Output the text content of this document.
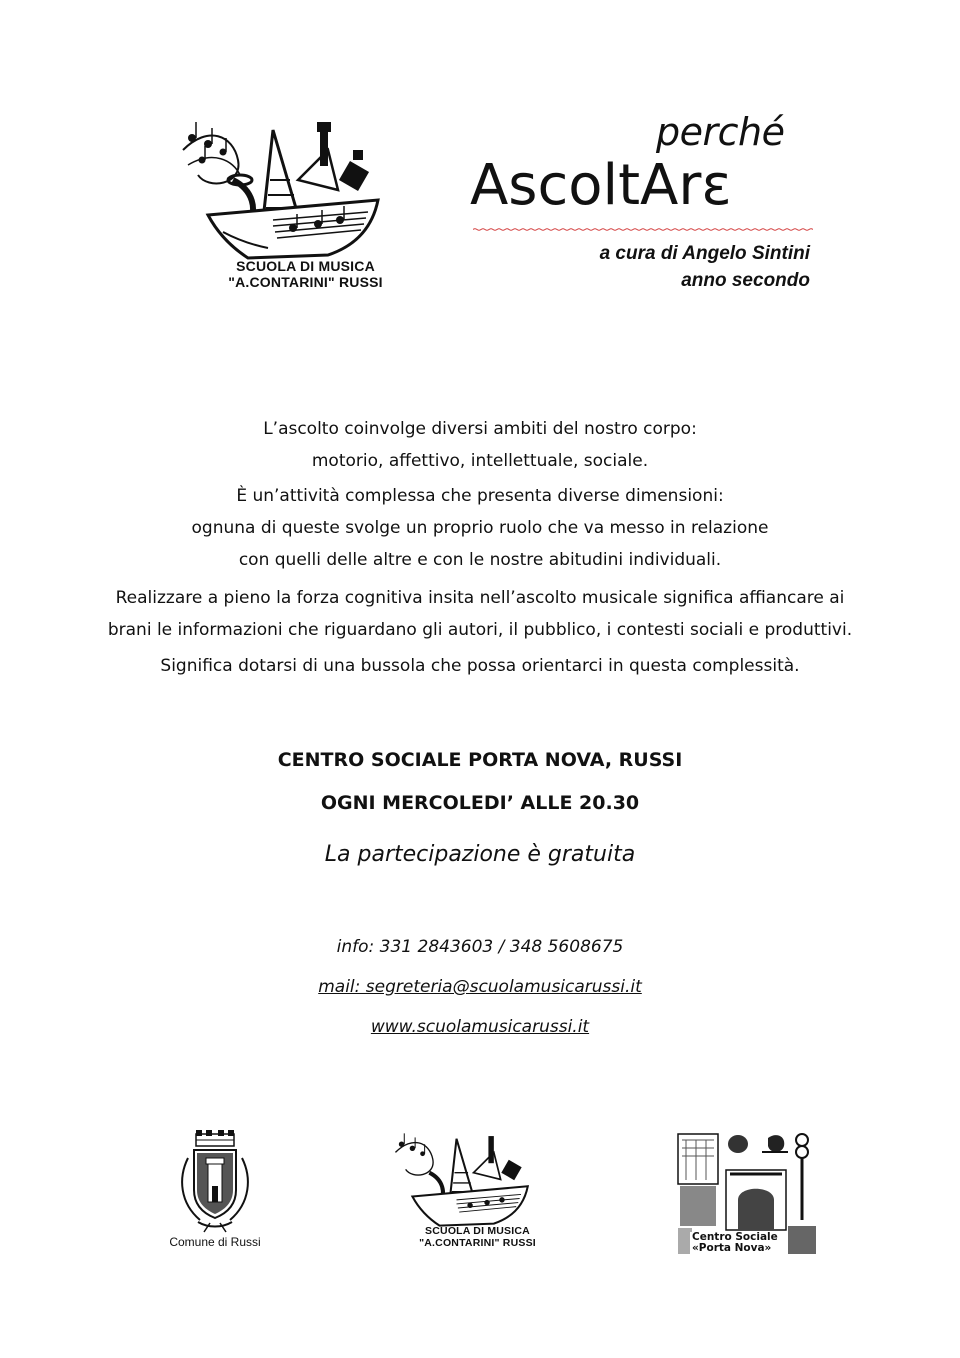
SCUOLA DI MUSICA
"A.CONTARINI" RUSSI
perché
AscoltArε
a cura di Angelo Sintini
anno secondo
L’ascolto coinvolge diversi ambiti del nostro corpo:
motorio, affettivo, intellettuale, sociale.
È un’attività complessa che presenta diverse dimensioni:
ognuna di queste svolge un proprio ruolo che va messo in relazione
con quelli delle altre e con le nostre abitudini individuali.
Realizzare a pieno la forza cognitiva insita nell’ascolto musicale significa affiancare ai
brani le informazioni che riguardano gli autori, il pubblico, i contesti sociali e produttivi.
Significa dotarsi di una bussola che possa orientarci in questa complessità.
CENTRO SOCIALE PORTA NOVA, RUSSI
OGNI MERCOLEDI’ ALLE 20.30
La partecipazione è gratuita
info: 331 2843603 / 348 5608675
mail: segreteria@scuolamusicarussi.it
www.scuolamusicarussi.it
Comune di Russi
SCUOLA DI MUSICA
"A.CONTARINI" RUSSI	Centro Sociale
«Porta Nova»
